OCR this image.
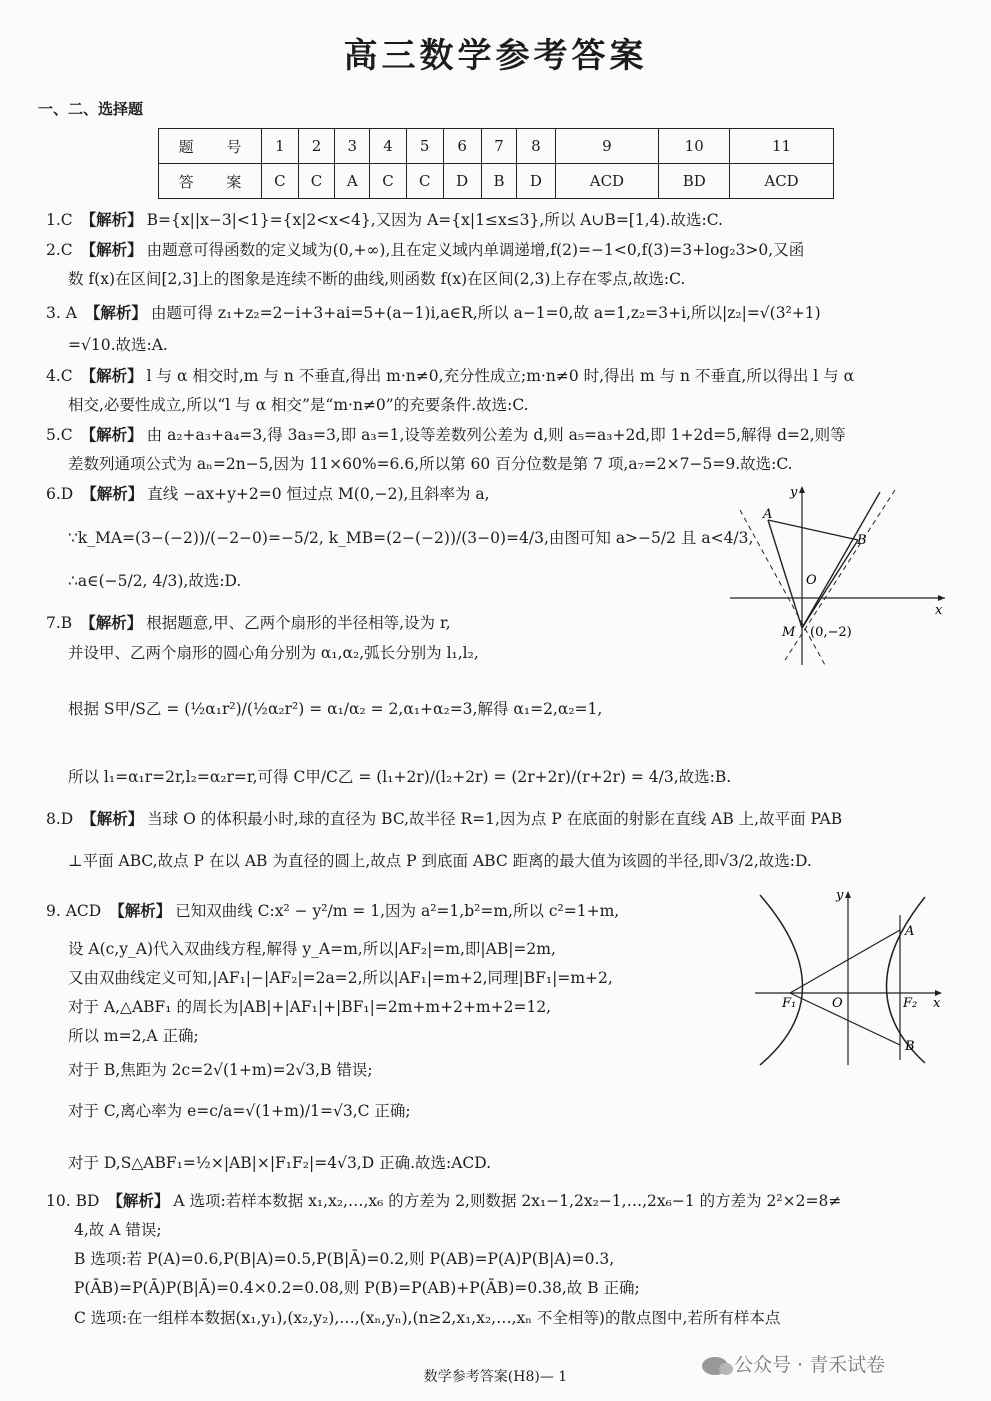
高三数学参考答案
一、二、选择题
题 号	1	2	3	4	5	6	7	8	9	10	11
答 案	C	C	A	C	C	D	B	D	ACD	BD	ACD
1.C 【解析】 B={x||x−3|<1}={x|2<x<4},又因为 A={x|1≤x≤3},所以 A∪B=[1,4).故选:C.
2.C 【解析】 由题意可得函数的定义域为(0,+∞),且在定义域内单调递增,f(2)=−1<0,f(3)=3+log₂3>0,又函
数 f(x)在区间[2,3]上的图象是连续不断的曲线,则函数 f(x)在区间(2,3)上存在零点,故选:C.
3. A 【解析】 由题可得 z₁+z₂=2−i+3+ai=5+(a−1)i,a∈R,所以 a−1=0,故 a=1,z₂=3+i,所以|z₂|=√(3²+1)
=√10.故选:A.
4.C 【解析】 l 与 α 相交时,m 与 n 不垂直,得出 m·n≠0,充分性成立;m·n≠0 时,得出 m 与 n 不垂直,所以得出 l 与 α
相交,必要性成立,所以“l 与 α 相交”是“m·n≠0”的充要条件.故选:C.
5.C 【解析】 由 a₂+a₃+a₄=3,得 3a₃=3,即 a₃=1,设等差数列公差为 d,则 a₅=a₃+2d,即 1+2d=5,解得 d=2,则等
差数列通项公式为 aₙ=2n−5,因为 11×60%=6.6,所以第 60 百分位数是第 7 项,a₇=2×7−5=9.故选:C.
6.D 【解析】 直线 −ax+y+2=0 恒过点 M(0,−2),且斜率为 a,
∵k_MA=(3−(−2))/(−2−0)=−5/2, k_MB=(2−(−2))/(3−0)=4/3,由图可知 a>−5/2 且 a<4/3,
∴a∈(−5/2, 4/3),故选:D.
y
x
O
A
B
M (0,−2)
7.B 【解析】 根据题意,甲、乙两个扇形的半径相等,设为 r,
并设甲、乙两个扇形的圆心角分别为 α₁,α₂,弧长分别为 l₁,l₂,
根据 S甲/S乙 = (½α₁r²)/(½α₂r²) = α₁/α₂ = 2,α₁+α₂=3,解得 α₁=2,α₂=1,
所以 l₁=α₁r=2r,l₂=α₂r=r,可得 C甲/C乙 = (l₁+2r)/(l₂+2r) = (2r+2r)/(r+2r) = 4/3,故选:B.
8.D 【解析】 当球 O 的体积最小时,球的直径为 BC,故半径 R=1,因为点 P 在底面的射影在直线 AB 上,故平面 PAB
⊥平面 ABC,故点 P 在以 AB 为直径的圆上,故点 P 到底面 ABC 距离的最大值为该圆的半径,即√3/2,故选:D.
9. ACD 【解析】 已知双曲线 C:x² − y²/m = 1,因为 a²=1,b²=m,所以 c²=1+m,
设 A(c,y_A)代入双曲线方程,解得 y_A=m,所以|AF₂|=m,即|AB|=2m,
又由双曲线定义可知,|AF₁|−|AF₂|=2a=2,所以|AF₁|=m+2,同理|BF₁|=m+2,
对于 A,△ABF₁ 的周长为|AB|+|AF₁|+|BF₁|=2m+m+2+m+2=12,
所以 m=2,A 正确;
对于 B,焦距为 2c=2√(1+m)=2√3,B 错误;
对于 C,离心率为 e=c/a=√(1+m)/1=√3,C 正确;
对于 D,S△ABF₁=½×|AB|×|F₁F₂|=4√3,D 正确.故选:ACD.
y
x
O
A
B
F₁	F₂
10. BD 【解析】 A 选项:若样本数据 x₁,x₂,…,x₆ 的方差为 2,则数据 2x₁−1,2x₂−1,…,2x₆−1 的方差为 2²×2=8≠
4,故 A 错误;
B 选项:若 P(A)=0.6,P(B|A)=0.5,P(B|Ā)=0.2,则 P(AB)=P(A)P(B|A)=0.3,
P(ĀB)=P(Ā)P(B|Ā)=0.4×0.2=0.08,则 P(B)=P(AB)+P(ĀB)=0.38,故 B 正确;
C 选项:在一组样本数据(x₁,y₁),(x₂,y₂),…,(xₙ,yₙ),(n≥2,x₁,x₂,…,xₙ 不全相等)的散点图中,若所有样本点
数学参考答案(H8)— 1
公众号 · 青禾试卷
